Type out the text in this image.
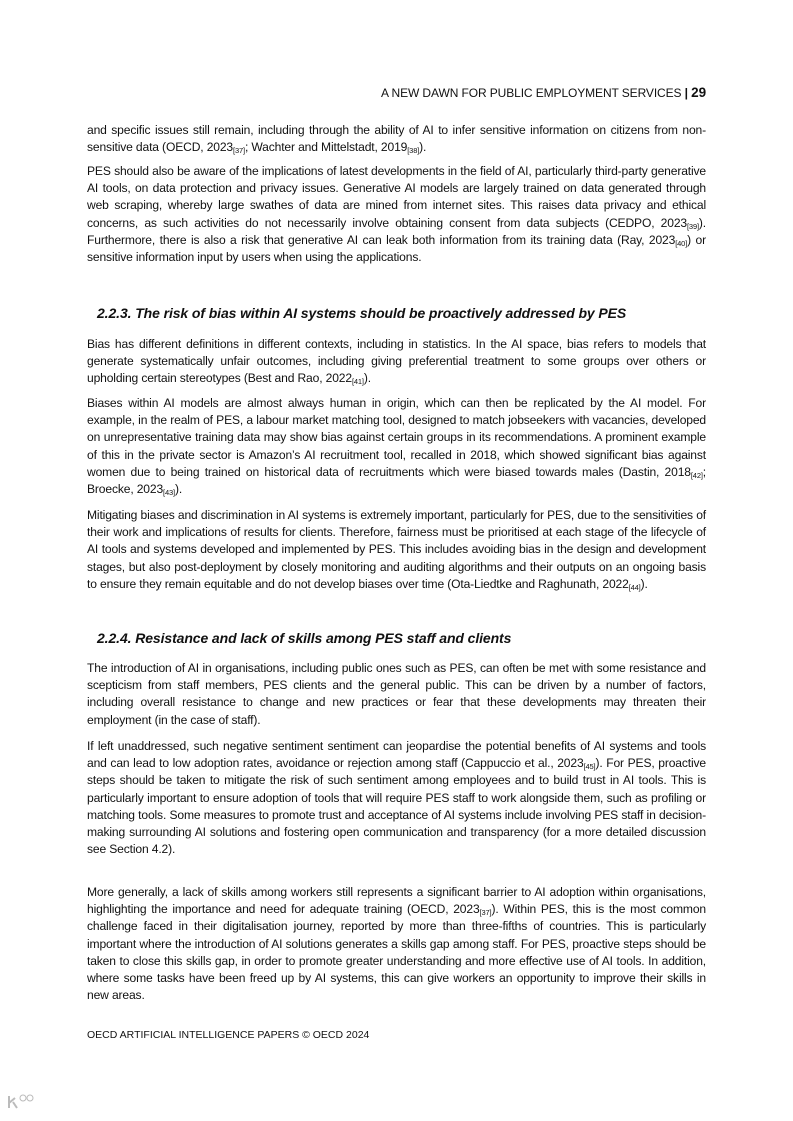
A NEW DAWN FOR PUBLIC EMPLOYMENT SERVICES | 29

and specific issues still remain, including through the ability of AI to infer sensitive information on citizens from non-sensitive data (OECD, $2023_{[37]}$; Wachter and Mittelstadt, $2019_{[38]}$).

PES should also be aware of the implications of latest developments in the field of AI, particularly third-party generative AI tools, on data protection and privacy issues. Generative AI models are largely trained on data generated through web scraping, whereby large swathes of data are mined from internet sites. This raises data privacy and ethical concerns, as such activities do not necessarily involve obtaining consent from data subjects (CEDPO, $2023_{[39]}$). Furthermore, there is also a risk that generative AI can leak both information from its training data (Ray, $2023_{[40]}$) or sensitive information input by users when using the applications.

2.2.3. The risk of bias within AI systems should be proactively addressed by PES

Bias has different definitions in different contexts, including in statistics. In the AI space, bias refers to models that generate systematically unfair outcomes, including giving preferential treatment to some groups over others or upholding certain stereotypes (Best and Rao, $2022_{[41]}$).

Biases within AI models are almost always human in origin, which can then be replicated by the AI model. For example, in the realm of PES, a labour market matching tool, designed to match jobseekers with vacancies, developed on unrepresentative training data may show bias against certain groups in its recommendations. A prominent example of this in the private sector is Amazon’s AI recruitment tool, recalled in 2018, which showed significant bias against women due to being trained on historical data of recruitments which were biased towards males (Dastin, $2018_{[42]}$; Broecke, $2023_{[43]}$).

Mitigating biases and discrimination in AI systems is extremely important, particularly for PES, due to the sensitivities of their work and implications of results for clients. Therefore, fairness must be prioritised at each stage of the lifecycle of AI tools and systems developed and implemented by PES. This includes avoiding bias in the design and development stages, but also post-deployment by closely monitoring and auditing algorithms and their outputs on an ongoing basis to ensure they remain equitable and do not develop biases over time (Ota-Liedtke and Raghunath, $2022_{[44]}$).

2.2.4. Resistance and lack of skills among PES staff and clients

The introduction of AI in organisations, including public ones such as PES, can often be met with some resistance and scepticism from staff members, PES clients and the general public. This can be driven by a number of factors, including overall resistance to change and new practices or fear that these developments may threaten their employment (in the case of staff).

If left unaddressed, such negative sentiment sentiment can jeopardise the potential benefits of AI systems and tools and can lead to low adoption rates, avoidance or rejection among staff (Cappuccio et al., $2023_{[45]}$). For PES, proactive steps should be taken to mitigate the risk of such sentiment among employees and to build trust in AI tools. This is particularly important to ensure adoption of tools that will require PES staff to work alongside them, such as profiling or matching tools. Some measures to promote trust and acceptance of AI systems include involving PES staff in decision-making surrounding AI solutions and fostering open communication and transparency (for a more detailed discussion see Section 4.2).

More generally, a lack of skills among workers still represents a significant barrier to AI adoption within organisations, highlighting the importance and need for adequate training (OECD, $2023_{[37]}$). Within PES, this is the most common challenge faced in their digitalisation journey, reported by more than three-fifths of countries. This is particularly important where the introduction of AI solutions generates a skills gap among staff. For PES, proactive steps should be taken to close this skills gap, in order to promote greater understanding and more effective use of AI tools. In addition, where some tasks have been freed up by AI systems, this can give workers an opportunity to improve their skills in new areas.

OECD ARTIFICIAL INTELLIGENCE PAPERS © OECD 2024
